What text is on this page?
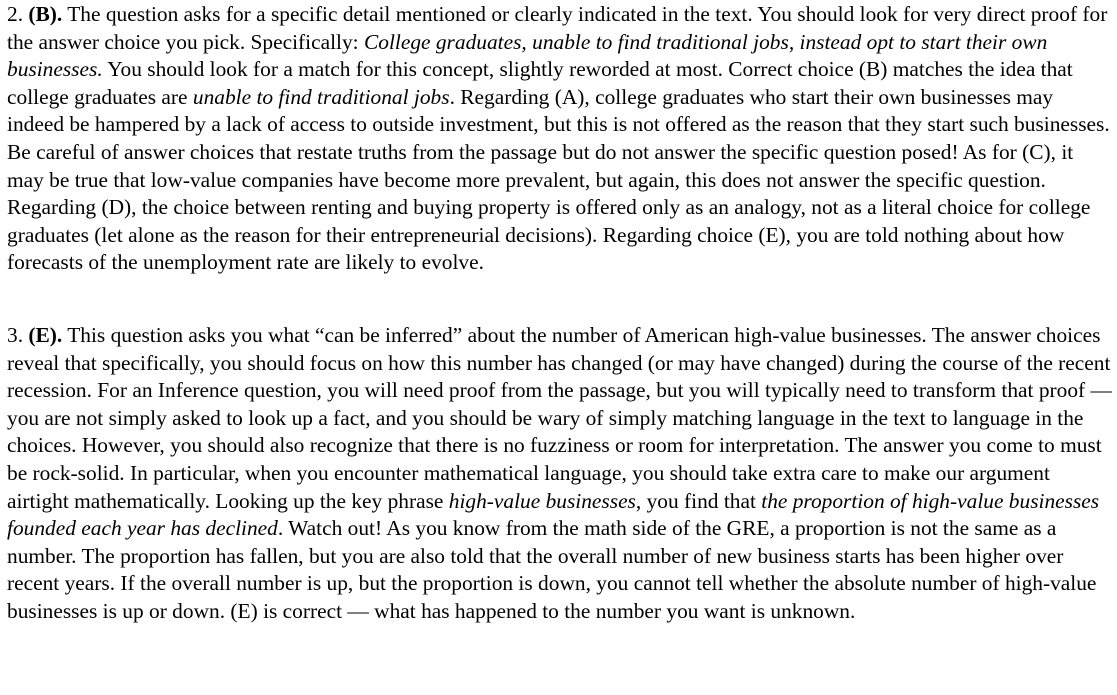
2. (B). The question asks for a specific detail mentioned or clearly indicated in the text. You should look for very direct proof for the answer choice you pick. Specifically: College graduates, unable to find traditional jobs, instead opt to start their own businesses. You should look for a match for this concept, slightly reworded at most. Correct choice (B) matches the idea that college graduates are unable to find traditional jobs. Regarding (A), college graduates who start their own businesses may indeed be hampered by a lack of access to outside investment, but this is not offered as the reason that they start such businesses. Be careful of answer choices that restate truths from the passage but do not answer the specific question posed! As for (C), it may be true that low-value companies have become more prevalent, but again, this does not answer the specific question. Regarding (D), the choice between renting and buying property is offered only as an analogy, not as a literal choice for college graduates (let alone as the reason for their entrepreneurial decisions). Regarding choice (E), you are told nothing about how forecasts of the unemployment rate are likely to evolve.

3. (E). This question asks you what “can be inferred” about the number of American high-value businesses. The answer choices reveal that specifically, you should focus on how this number has changed (or may have changed) during the course of the recent recession. For an Inference question, you will need proof from the passage, but you will typically need to transform that proof — you are not simply asked to look up a fact, and you should be wary of simply matching language in the text to language in the choices. However, you should also recognize that there is no fuzziness or room for interpretation. The answer you come to must be rock-solid. In particular, when you encounter mathematical language, you should take extra care to make our argument airtight mathematically. Looking up the key phrase high-value businesses, you find that the proportion of high-value businesses founded each year has declined. Watch out! As you know from the math side of the GRE, a proportion is not the same as a number. The proportion has fallen, but you are also told that the overall number of new business starts has been higher over recent years. If the overall number is up, but the proportion is down, you cannot tell whether the absolute number of high-value businesses is up or down. (E) is correct — what has happened to the number you want is unknown.
